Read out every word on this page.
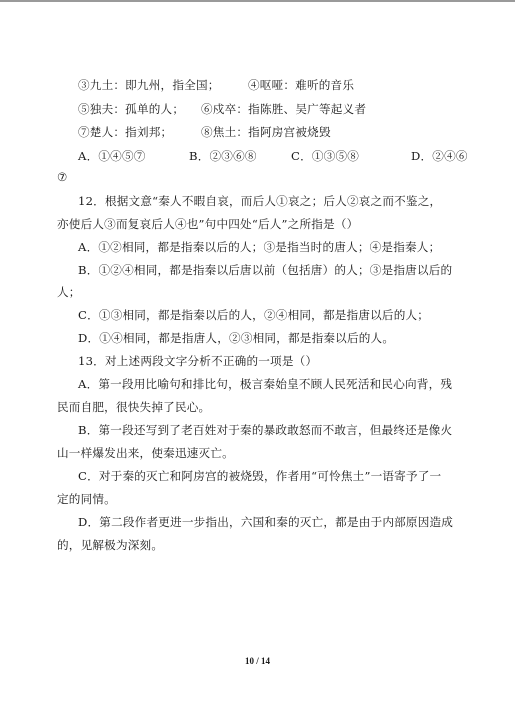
③九土：即九州，指全国； ④呕哑：难听的音乐
⑤独夫：孤单的人； ⑥戍卒：指陈胜、吴广等起义者
⑦楚人：指刘邦； ⑧焦土：指阿房宫被烧毁
A．①④⑤⑦	B．②③⑥⑧	C．①③⑤⑧	D．②④⑥
⑦
12．根据文意“秦人不暇自哀，而后人①哀之；后人②哀之而不鉴之，
亦使后人③而复哀后人④也”句中四处“后人”之所指是（）
A．①②相同，都是指秦以后的人；③是指当时的唐人；④是指秦人；
B．①②④相同，都是指秦以后唐以前（包括唐）的人；③是指唐以后的
人；
C．①③相同，都是指秦以后的人，②④相同，都是指唐以后的人；
D．①④相同，都是指唐人，②③相同，都是指秦以后的人。
13．对上述两段文字分析不正确的一项是（）
A．第一段用比喻句和排比句，极言秦始皇不顾人民死活和民心向背，残
民而自肥，很快失掉了民心。
B．第一段还写到了老百姓对于秦的暴政敢怒而不敢言，但最终还是像火
山一样爆发出来，使秦迅速灭亡。
C．对于秦的灭亡和阿房宫的被烧毁，作者用“可怜焦土”一语寄予了一
定的同情。
D．第二段作者更进一步指出，六国和秦的灭亡，都是由于内部原因造成
的，见解极为深刻。
10 / 14
